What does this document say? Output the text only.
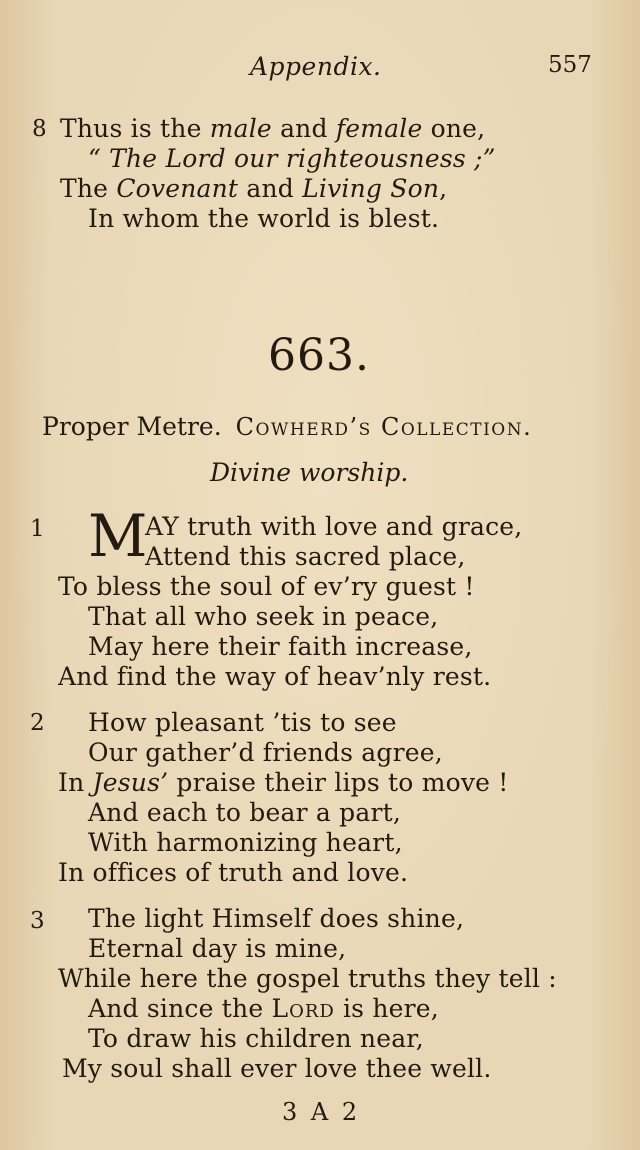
Appendix.	557
8 Thus is the male and female one,
“ The Lord our righteousness ;”
The Covenant and Living Son,
In whom the world is blest.
663.
Proper Metre. Cowherd’s Collection.
Divine worship.
1 M
AY truth with love and grace,
Attend this sacred place,
To bless the soul of ev’ry guest !
That all who seek in peace,
May here their faith increase,
And find the way of heav’nly rest.
2 How pleasant ’tis to see
Our gather’d friends agree,
In Jesus’ praise their lips to move !
And each to bear a part,
With harmonizing heart,
In offices of truth and love.
3 The light Himself does shine,
Eternal day is mine,
While here the gospel truths they tell :
And since the Lord is here,
To draw his children near,
My soul shall ever love thee well.
3 A 2
